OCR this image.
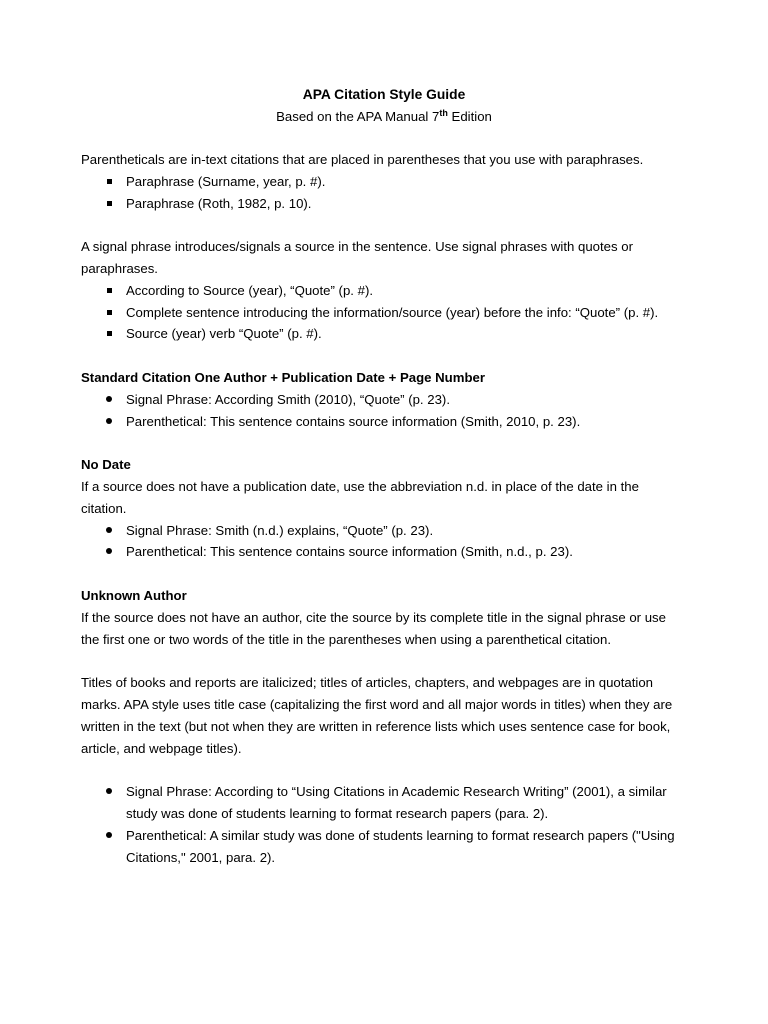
APA Citation Style Guide

Based on the APA Manual 7th Edition

Parentheticals are in-text citations that are placed in parentheses that you use with paraphrases.

Paraphrase (Surname, year, p. #).
Paraphrase (Roth, 1982, p. 10).

A signal phrase introduces/signals a source in the sentence. Use signal phrases with quotes or paraphrases.

According to Source (year), “Quote” (p. #).
Complete sentence introducing the information/source (year) before the info: “Quote” (p. #).
Source (year) verb “Quote” (p. #).

Standard Citation One Author + Publication Date + Page Number

Signal Phrase: According Smith (2010), “Quote” (p. 23).
Parenthetical: This sentence contains source information (Smith, 2010, p. 23).

No Date

If a source does not have a publication date, use the abbreviation n.d. in place of the date in the citation.

Signal Phrase: Smith (n.d.) explains, “Quote” (p. 23).
Parenthetical: This sentence contains source information (Smith, n.d., p. 23).

Unknown Author

If the source does not have an author, cite the source by its complete title in the signal phrase or use the first one or two words of the title in the parentheses when using a parenthetical citation.

Titles of books and reports are italicized; titles of articles, chapters, and webpages are in quotation marks. APA style uses title case (capitalizing the first word and all major words in titles) when they are written in the text (but not when they are written in reference lists which uses sentence case for book, article, and webpage titles).

Signal Phrase: According to “Using Citations in Academic Research Writing” (2001), a similar study was done of students learning to format research papers (para. 2).
Parenthetical: A similar study was done of students learning to format research papers ("Using Citations," 2001, para. 2).
